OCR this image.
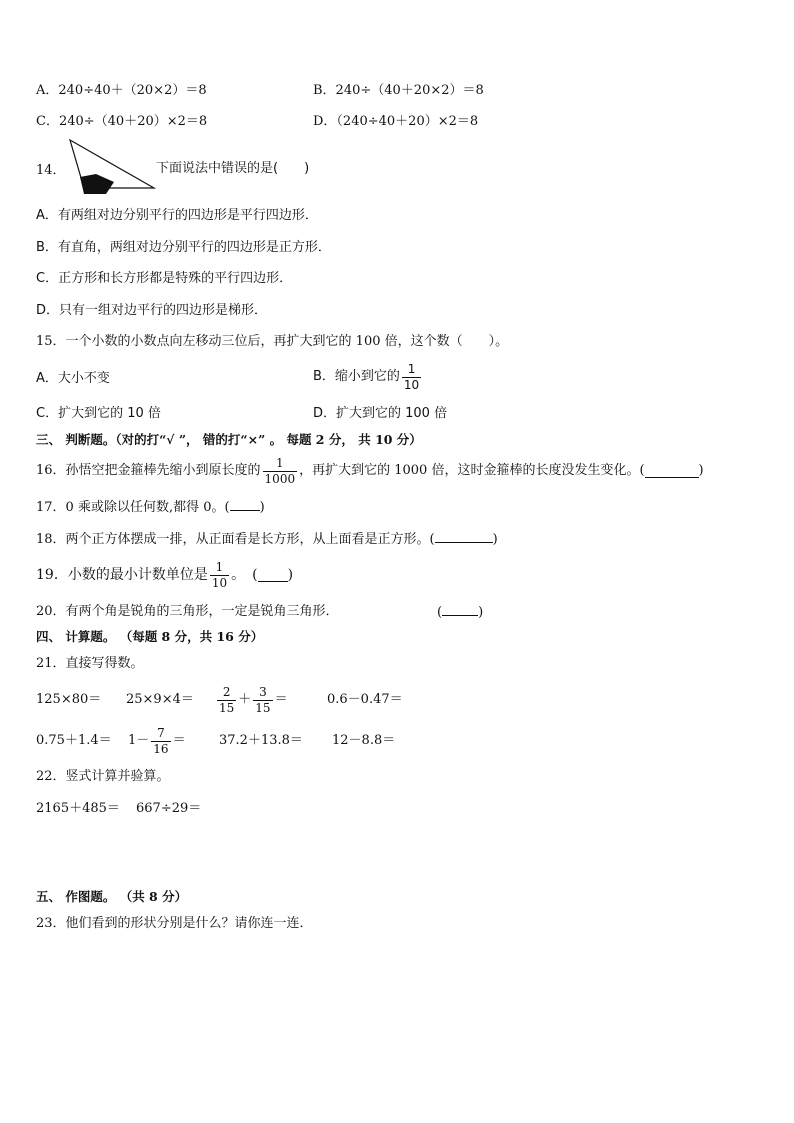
A．240÷40＋（20×2）＝8	B．240÷（40＋20×2）＝8
C．240÷（40＋20）×2＝8	D．（240÷40＋20）×2＝8
14．	下面说法中错误的是(　　)
A．有两组对边分别平行的四边形是平行四边形．
B．有直角，两组对边分别平行的四边形是正方形．
C．正方形和长方形都是特殊的平行四边形．
D．只有一组对边平行的四边形是梯形．
15．一个小数的小数点向左移动三位后，再扩大到它的 100 倍，这个数（　　）。
A．大小不变	B．缩小到它的 $\frac{1}{10}$
C．扩大到它的 10 倍	D．扩大到它的 100 倍
三、 判断题。（对的打“√ ”， 错的打“×” 。 每题 2 分， 共 10 分）
16．孙悟空把金箍棒先缩小到原长度的 $\frac{1}{1000}$ ，再扩大到它的 1000 倍，这时金箍棒的长度没发生变化。(	)
17．0 乘或除以任何数,都得 0。( )
18．两个正方体摆成一排，从正面看是长方形，从上面看是正方形。(	)
19．小数的最小计数单位是 $\frac{1}{10}$ 。　( )
20．有两个角是锐角的三角形，一定是锐角三角形．	(	)
四、 计算题。 （每题 8 分，共 16 分）
21．直接写得数。
$125\times 80= 25\times 9\times 4= \frac{2}{15} + \frac{3}{15}$ ＝	0.6－0.47＝
$0.75+1.4= 1- \frac{7}{16}$ ＝	37.2＋13.8＝ 12－8.8＝
22．竖式计算并验算。
2165＋485＝ 667÷29＝
五、 作图题。 （共 8 分）
23．他们看到的形状分别是什么？请你连一连．
